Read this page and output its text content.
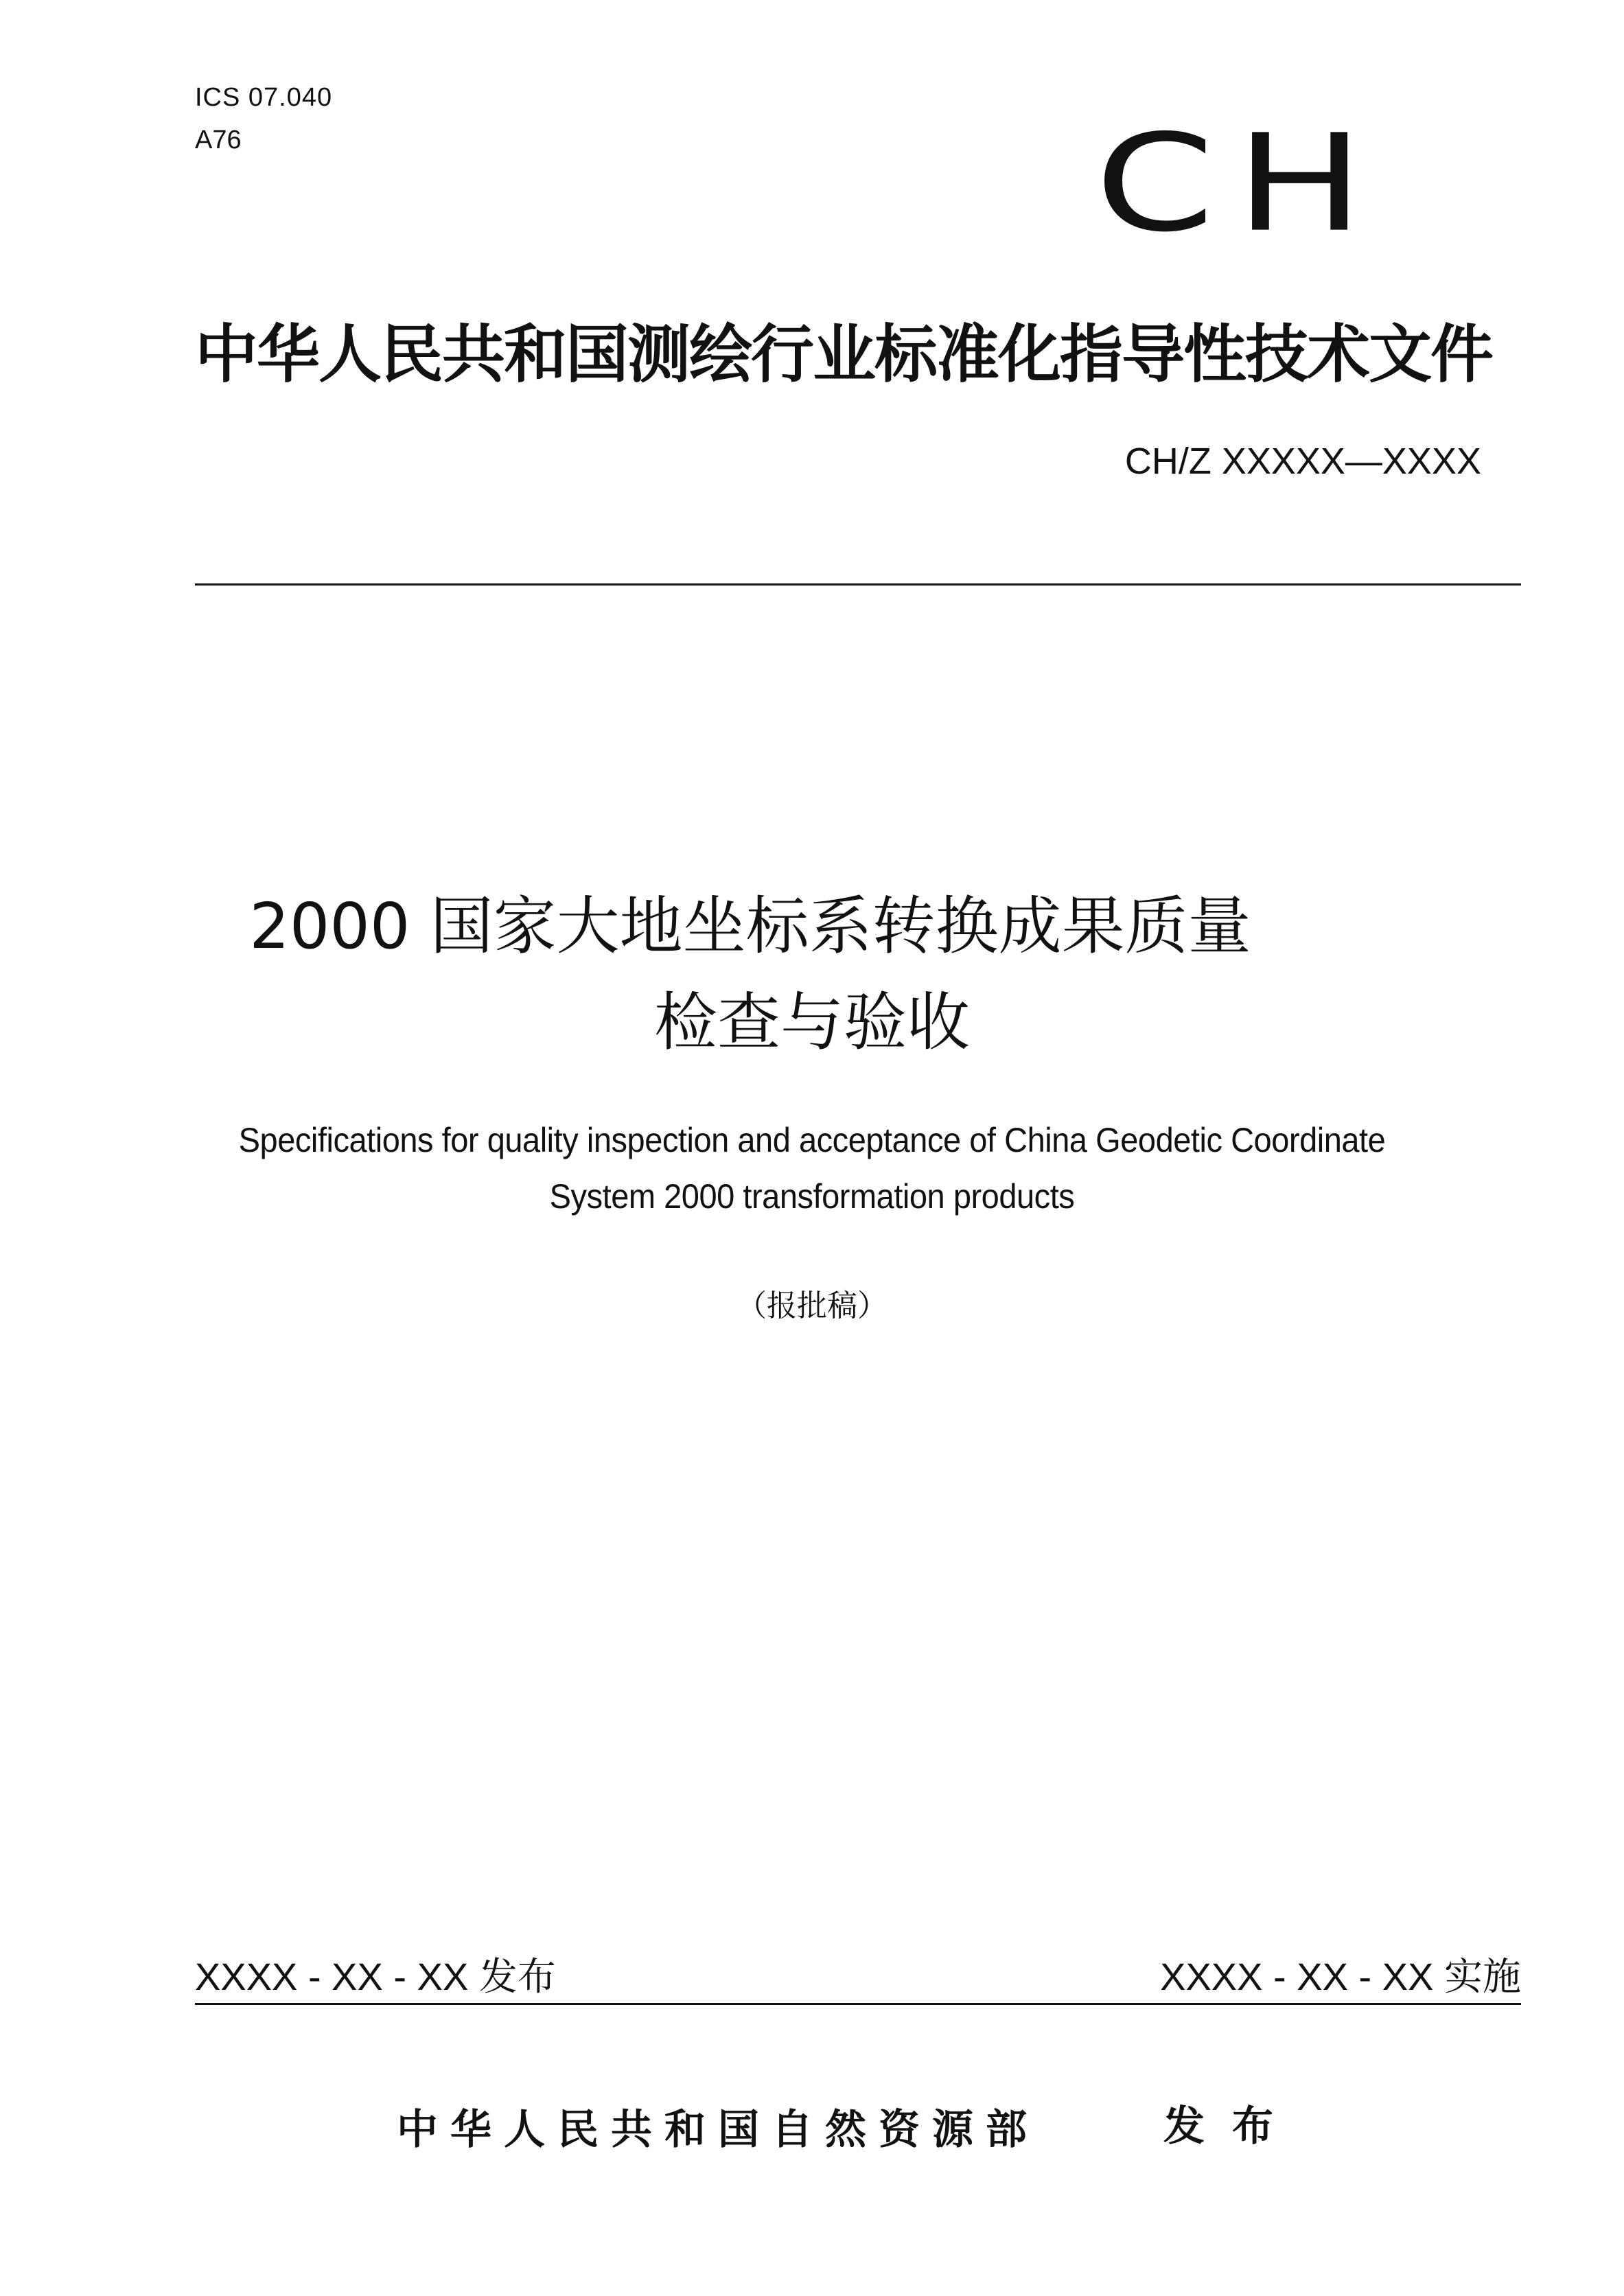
ICS 07.040
A76	CH
中华人民共和国测绘行业标准化指导性技术文件
CH/Z XXXXX—XXXX
2000 国家大地坐标系转换成果质量
检查与验收
Specifications for quality inspection and acceptance of China Geodetic Coordinate
System 2000 transformation products
（报批稿）
XXXX - XX - XX 发布	XXXX - XX - XX 实施
中华人民共和国自然资源部	发布
